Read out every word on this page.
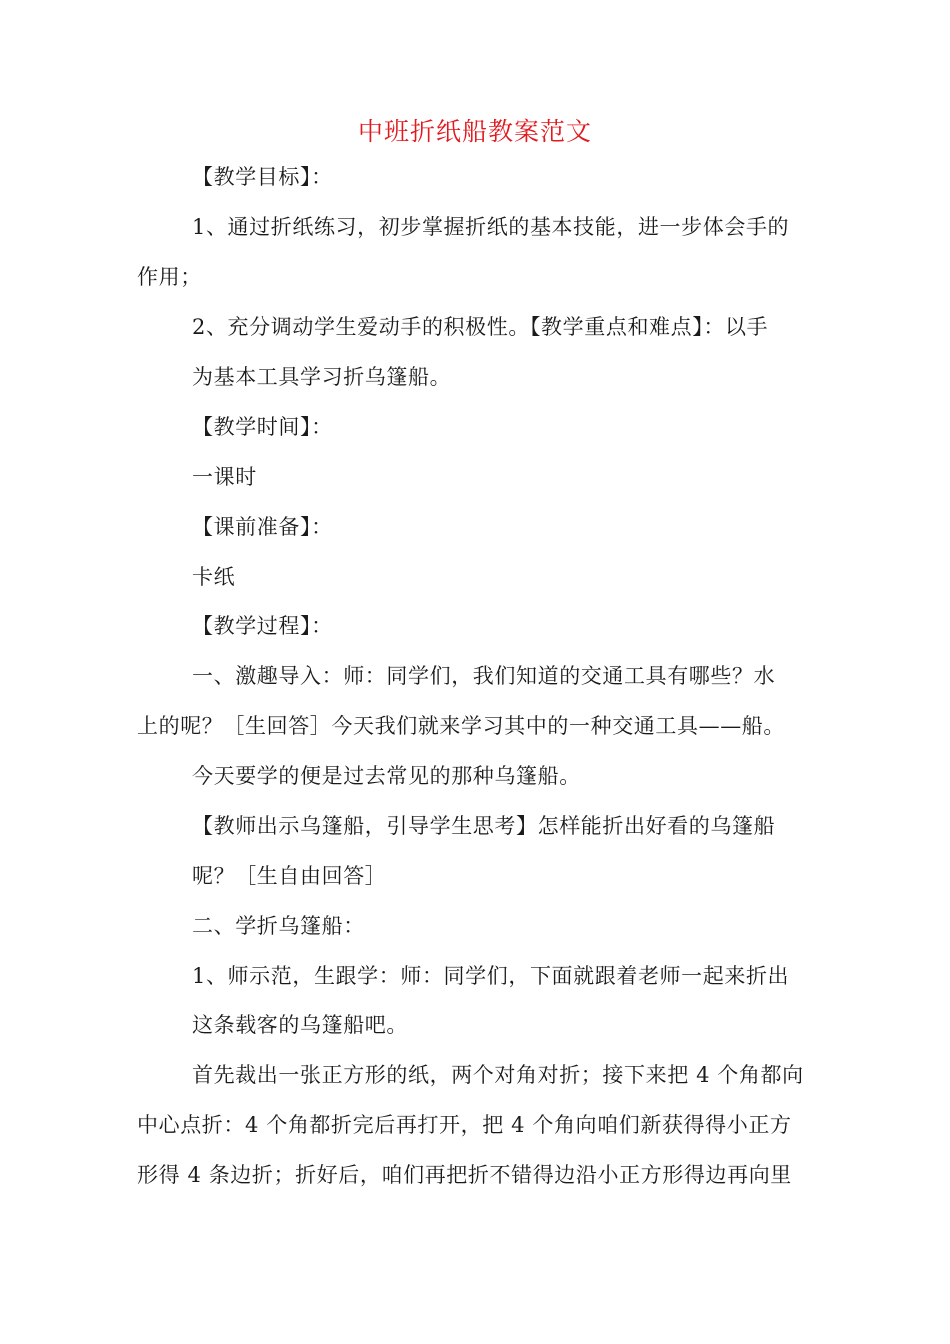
中班折纸船教案范文
【教学目标】：
1、通过折纸练习，初步掌握折纸的基本技能，进一步体会手的
作用；
2、充分调动学生爱动手的积极性。【教学重点和难点】：以手
为基本工具学习折乌篷船。
【教学时间】：
一课时
【课前准备】：
卡纸
【教学过程】：
一、激趣导入：师：同学们，我们知道的交通工具有哪些？水
上的呢？［生回答］今天我们就来学习其中的一种交通工具——船。
今天要学的便是过去常见的那种乌篷船。
【教师出示乌篷船，引导学生思考】怎样能折出好看的乌篷船
呢？［生自由回答］
二、学折乌篷船：
1、师示范，生跟学：师：同学们，下面就跟着老师一起来折出
这条载客的乌篷船吧。
首先裁出一张正方形的纸，两个对角对折；接下来把 4 个角都向
中心点折：4 个角都折完后再打开，把 4 个角向咱们新获得得小正方
形得 4 条边折；折好后，咱们再把折不错得边沿小正方形得边再向里
